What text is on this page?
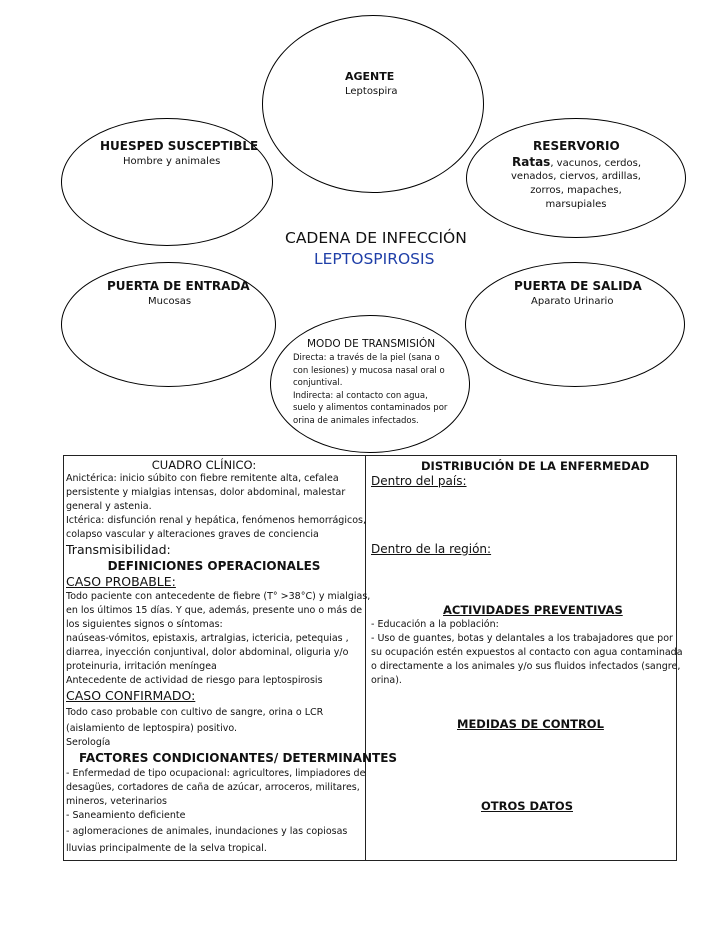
AGENTE
Leptospira
HUESPED SUSCEPTIBLE
Hombre y animales
RESERVORIO
Ratas, vacunos, cerdos,
venados, ciervos, ardillas,
zorros, mapaches,
marsupiales
CADENA DE INFECCIÓN
LEPTOSPIROSIS
PUERTA DE ENTRADA
Mucosas
PUERTA DE SALIDA
Aparato Urinario
MODO DE TRANSMISIÓN
Directa: a través de la piel (sana o
con lesiones) y mucosa nasal oral o
conjuntival.
Indirecta: al contacto con agua,
suelo y alimentos contaminados por
orina de animales infectados.
CUADRO CLÍNICO:
Anictérica: inicio súbito con fiebre remitente alta, cefalea
persistente y mialgias intensas, dolor abdominal, malestar
general y astenia.
Ictérica: disfunción renal y hepática, fenómenos hemorrágicos,
colapso vascular y alteraciones graves de conciencia
Transmisibilidad:
DEFINICIONES OPERACIONALES
CASO PROBABLE:
Todo paciente con antecedente de fiebre (T° >38°C) y mialgias,
en los últimos 15 días. Y que, además, presente uno o más de
los siguientes signos o síntomas:
naúseas-vómitos, epistaxis, artralgias, ictericia, petequias ,
diarrea, inyección conjuntival, dolor abdominal, oliguria y/o
proteinuria, irritación meníngea
Antecedente de actividad de riesgo para leptospirosis
CASO CONFIRMADO:
Todo caso probable con cultivo de sangre, orina o LCR
(aislamiento de leptospira) positivo.
Serología
FACTORES CONDICIONANTES/ DETERMINANTES
- Enfermedad de tipo ocupacional: agricultores, limpiadores de
desagües, cortadores de caña de azúcar, arroceros, militares,
mineros, veterinarios
- Saneamiento deficiente
- aglomeraciones de animales, inundaciones y las copiosas
lluvias principalmente de la selva tropical.
DISTRIBUCIÓN DE LA ENFERMEDAD
Dentro del país:
Dentro de la región:
ACTIVIDADES PREVENTIVAS
- Educación a la población:
- Uso de guantes, botas y delantales a los trabajadores que por
su ocupación estén expuestos al contacto con agua contaminada
o directamente a los animales y/o sus fluidos infectados (sangre,
orina).
MEDIDAS DE CONTROL
OTROS DATOS
